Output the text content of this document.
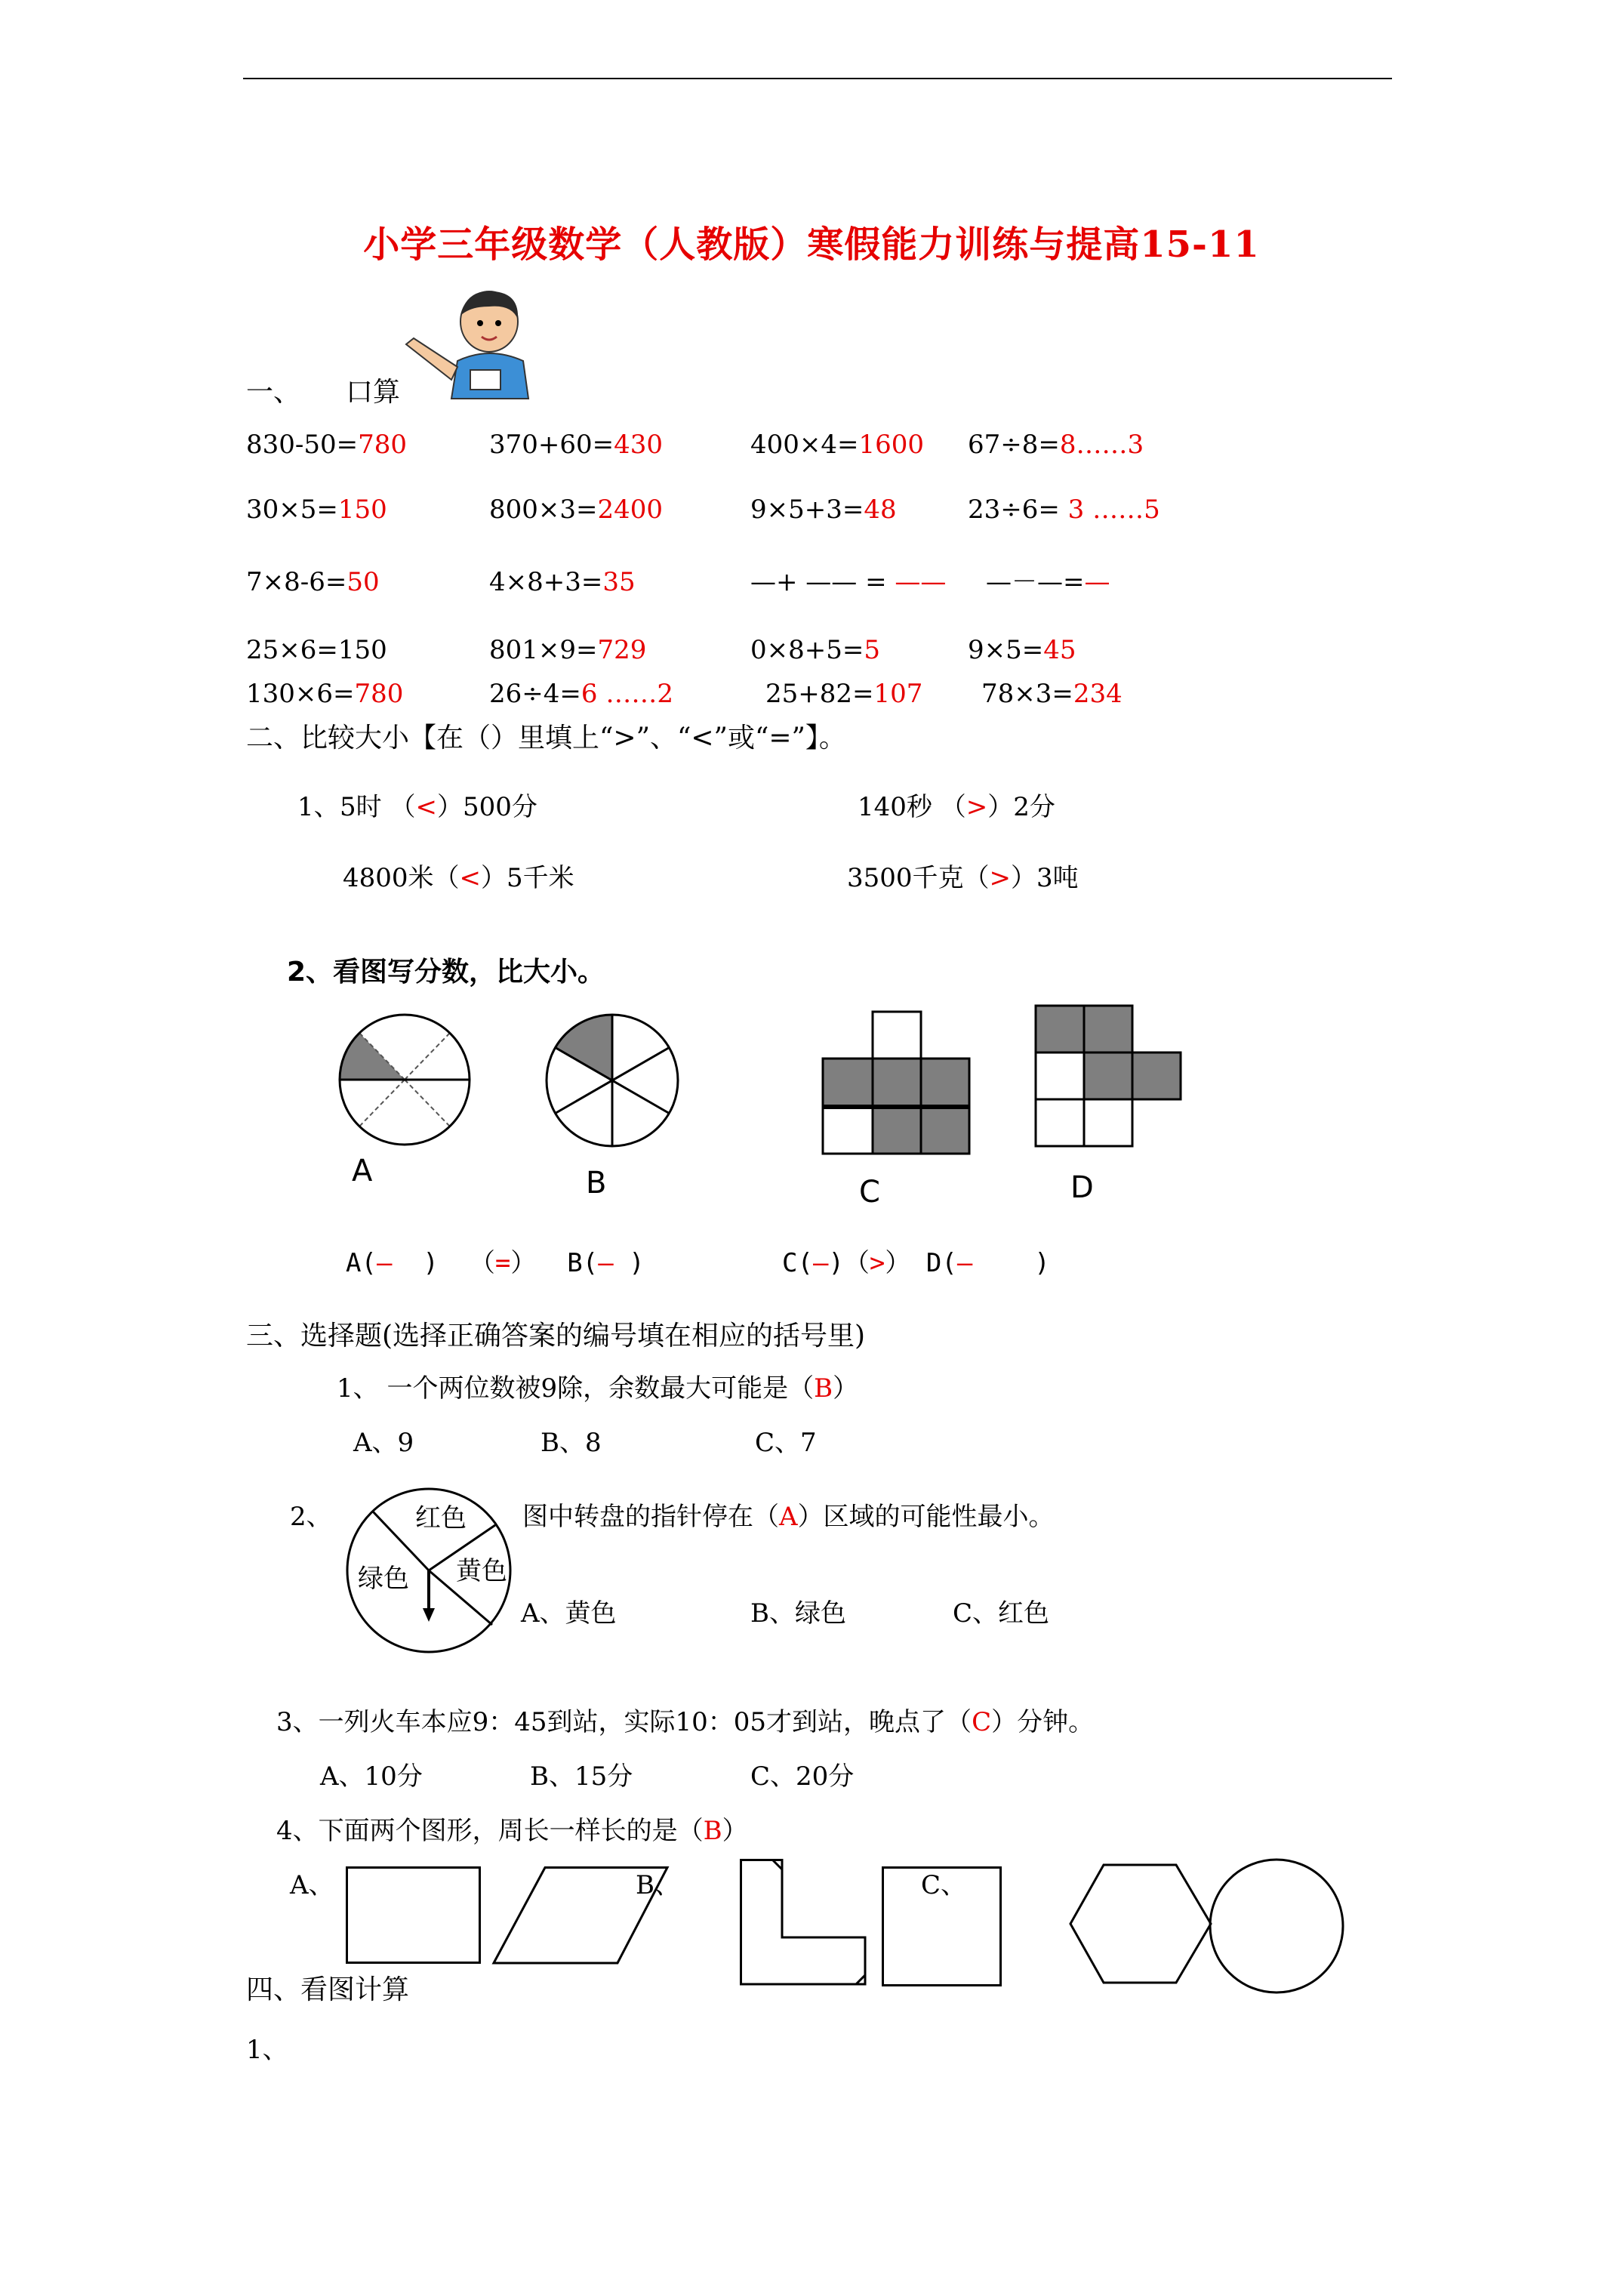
小学三年级数学（人教版）寒假能力训练与提高15-11
一、 口算
830-50=780	370+60=430	400×4=1600 67÷8=8……3
30×5=150	800×3=2400	9×5+3=48	23÷6= 3 ……5
7×8-6=50	4×8+3=35	—+ —— = —— —－—=—
25×6=150	801×9=729	0×8+5=5	9×5=45
130×6=780	26÷4=6 ……2	25+82=107 78×3=234
二、比较大小【在（）里填上“>”、“<”或“=”】。
1、 5时 （<）500分	140秒 （>）2分
4800米（<）5千米	3500千克（>）3吨
2、看图写分数，比大小。
A	B	C	D
A(— ) （=） B(— )	C(—)（>） D(— )
三、选择题(选择正确答案的编号填在相应的括号里)
1、 一个两位数被9除，余数最大可能是（B）
A、9	B、8	C、7
2、	红色
黄色
绿色
图中转盘的指针停在（A）区域的可能性最小。
A、黄色	B、绿色	C、红色
3、一列火车本应9：45到站，实际10：05才到站，晚点了（C）分钟。
A、10分	B、15分	C、20分
4、下面两个图形，周长一样长的是（B）
A、	B、	C、
四、看图计算
1、
